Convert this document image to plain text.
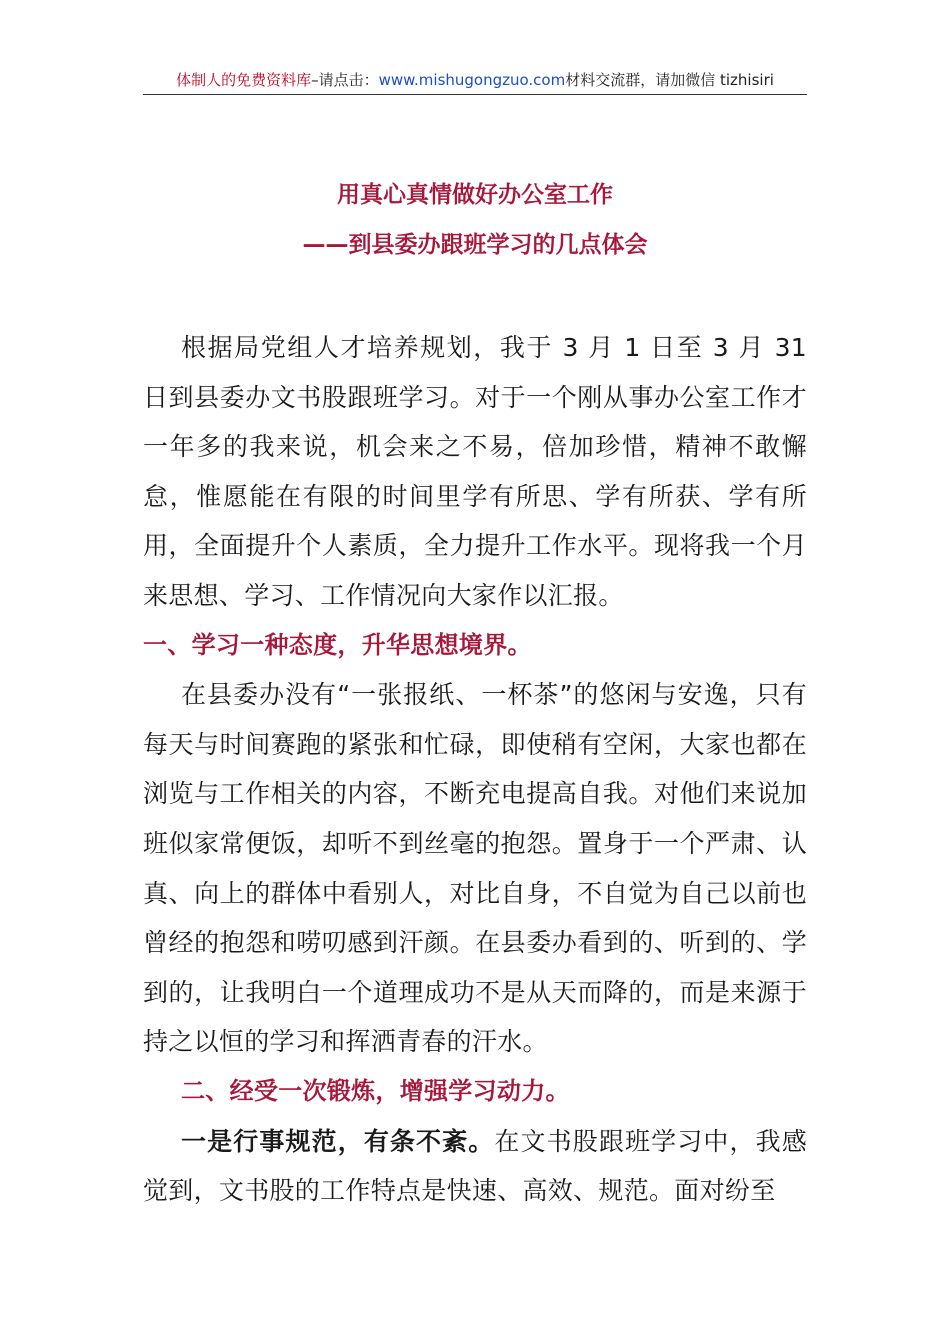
体制人的免费资料库–请点击：www.mishugongzuo.com材料交流群，请加微信 tizhisiri

用真心真情做好办公室工作

——到县委办跟班学习的几点体会

根据局党组人才培养规划，我于 3 月 1 日至 3 月 31 日到县委办文书股跟班学习。对于一个刚从事办公室工作才一年多的我来说，机会来之不易，倍加珍惜，精神不敢懈怠，惟愿能在有限的时间里学有所思、学有所获、学有所用，全面提升个人素质，全力提升工作水平。现将我一个月来思想、学习、工作情况向大家作以汇报。

一、学习一种态度，升华思想境界。

在县委办没有“一张报纸、一杯茶”的悠闲与安逸，只有每天与时间赛跑的紧张和忙碌，即使稍有空闲，大家也都在浏览与工作相关的内容，不断充电提高自我。对他们来说加班似家常便饭，却听不到丝毫的抱怨。置身于一个严肃、认真、向上的群体中看别人，对比自身，不自觉为自己以前也曾经的抱怨和唠叨感到汗颜。在县委办看到的、听到的、学到的，让我明白一个道理成功不是从天而降的，而是来源于持之以恒的学习和挥洒青春的汗水。

二、经受一次锻炼，增强学习动力。

一是行事规范，有条不紊。在文书股跟班学习中，我感觉到，文书股的工作特点是快速、高效、规范。面对纷至
